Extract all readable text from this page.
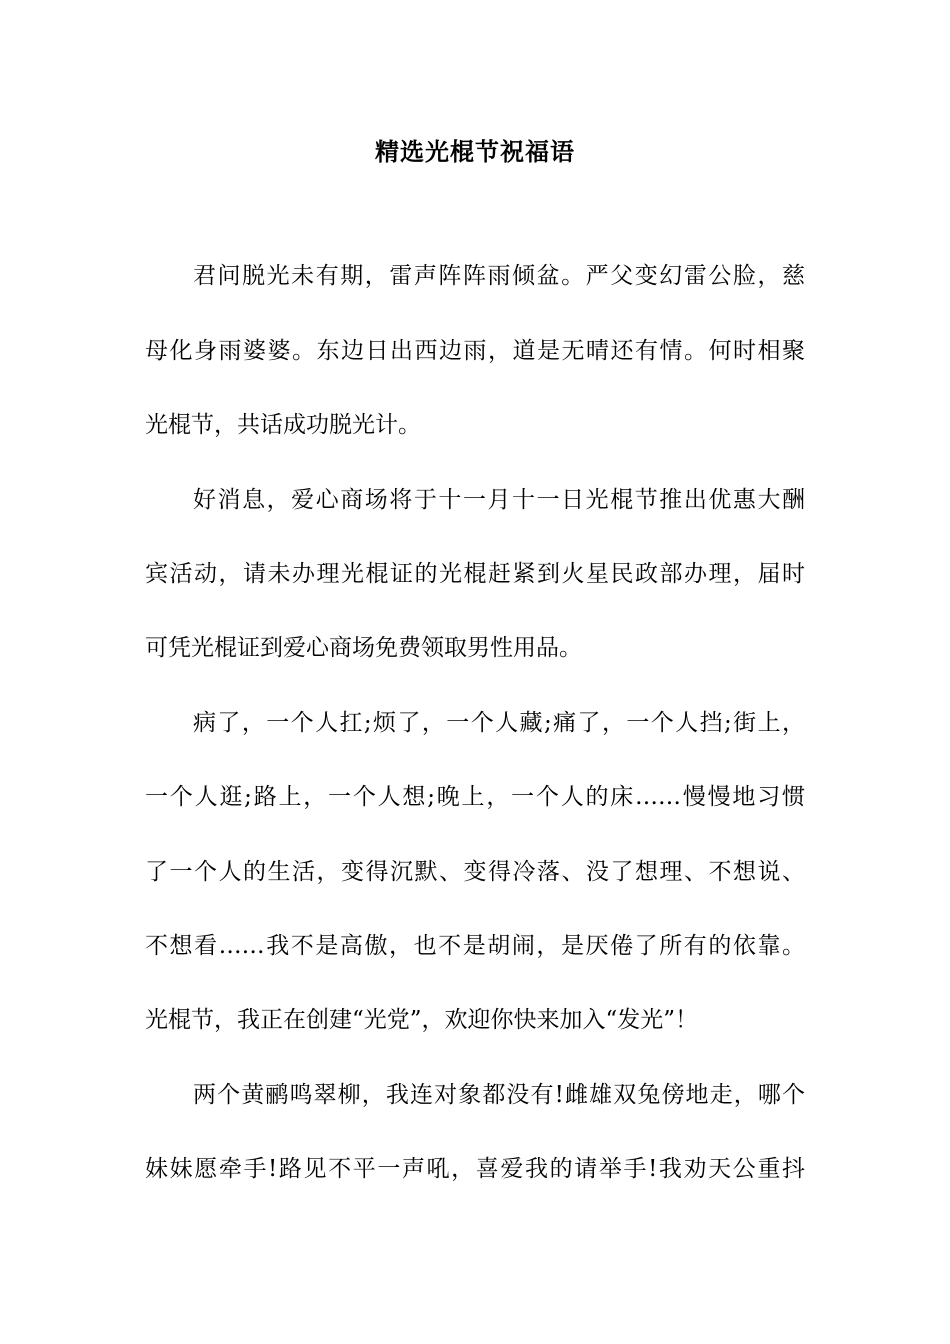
精选光棍节祝福语
君问脱光未有期，雷声阵阵雨倾盆。严父变幻雷公脸，慈
母化身雨婆婆。东边日出西边雨，道是无晴还有情。何时相聚
光棍节，共话成功脱光计。
好消息，爱心商场将于十一月十一日光棍节推出优惠大酬
宾活动，请未办理光棍证的光棍赶紧到火星民政部办理，届时
可凭光棍证到爱心商场免费领取男性用品。
病了，一个人扛;烦了，一个人藏;痛了，一个人挡;街上，
一个人逛;路上，一个人想;晚上，一个人的床……慢慢地习惯
了一个人的生活，变得沉默、变得冷落、没了想理、不想说、
不想看……我不是高傲，也不是胡闹，是厌倦了所有的依靠。
光棍节，我正在创建“光党”，欢迎你快来加入“发光”！
两个黄鹂鸣翠柳，我连对象都没有!雌雄双兔傍地走，哪个
妹妹愿牵手!路见不平一声吼，喜爱我的请举手!我劝天公重抖
